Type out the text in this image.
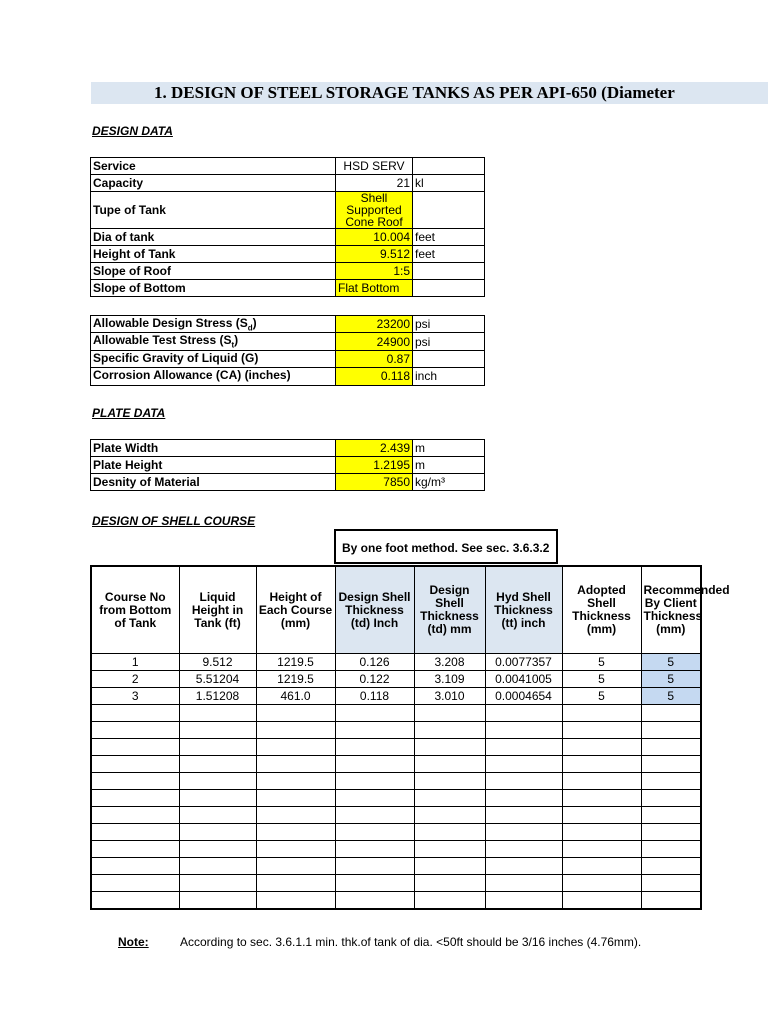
1. DESIGN OF STEEL STORAGE TANKS AS PER API-650 (Diameter
DESIGN DATA
Service	HSD SERV	
Capacity	21	kl
Tupe of Tank	Shell Supported Cone Roof	
Dia of tank	10.004	feet
Height of Tank	9.512	feet
Slope of Roof	1:5	
Slope of Bottom	Flat Bottom	
Allowable Design Stress $(S_d)$	23200	psi
Allowable Test Stress $(S_t)$	24900	psi
Specific Gravity of Liquid (G)	0.87	
Corrosion Allowance (CA) (inches)	0.118	inch
PLATE DATA
Plate Width	2.439	m
Plate Height	1.2195	m
Desnity of Material	7850	kg/m³
DESIGN OF SHELL COURSE
By one foot method. See sec. 3.6.3.2
Course No from Bottom of Tank	Liquid Height in Tank (ft)	Height of Each Course (mm)	Design Shell Thickness (td) Inch	Design Shell Thickness (td) mm	Hyd Shell Thickness (tt) inch	Adopted Shell Thickness (mm)	Recommended By Client Thickness (mm)
1	9.512	1219.5	0.126	3.208	0.0077357	5	5
2	5.51204	1219.5	0.122	3.109	0.0041005	5	5
3	1.51208	461.0	0.118	3.010	0.0004654	5	5

Note:	According to sec. 3.6.1.1 min. thk.of tank of dia. <50ft should be 3/16 inches (4.76mm).
